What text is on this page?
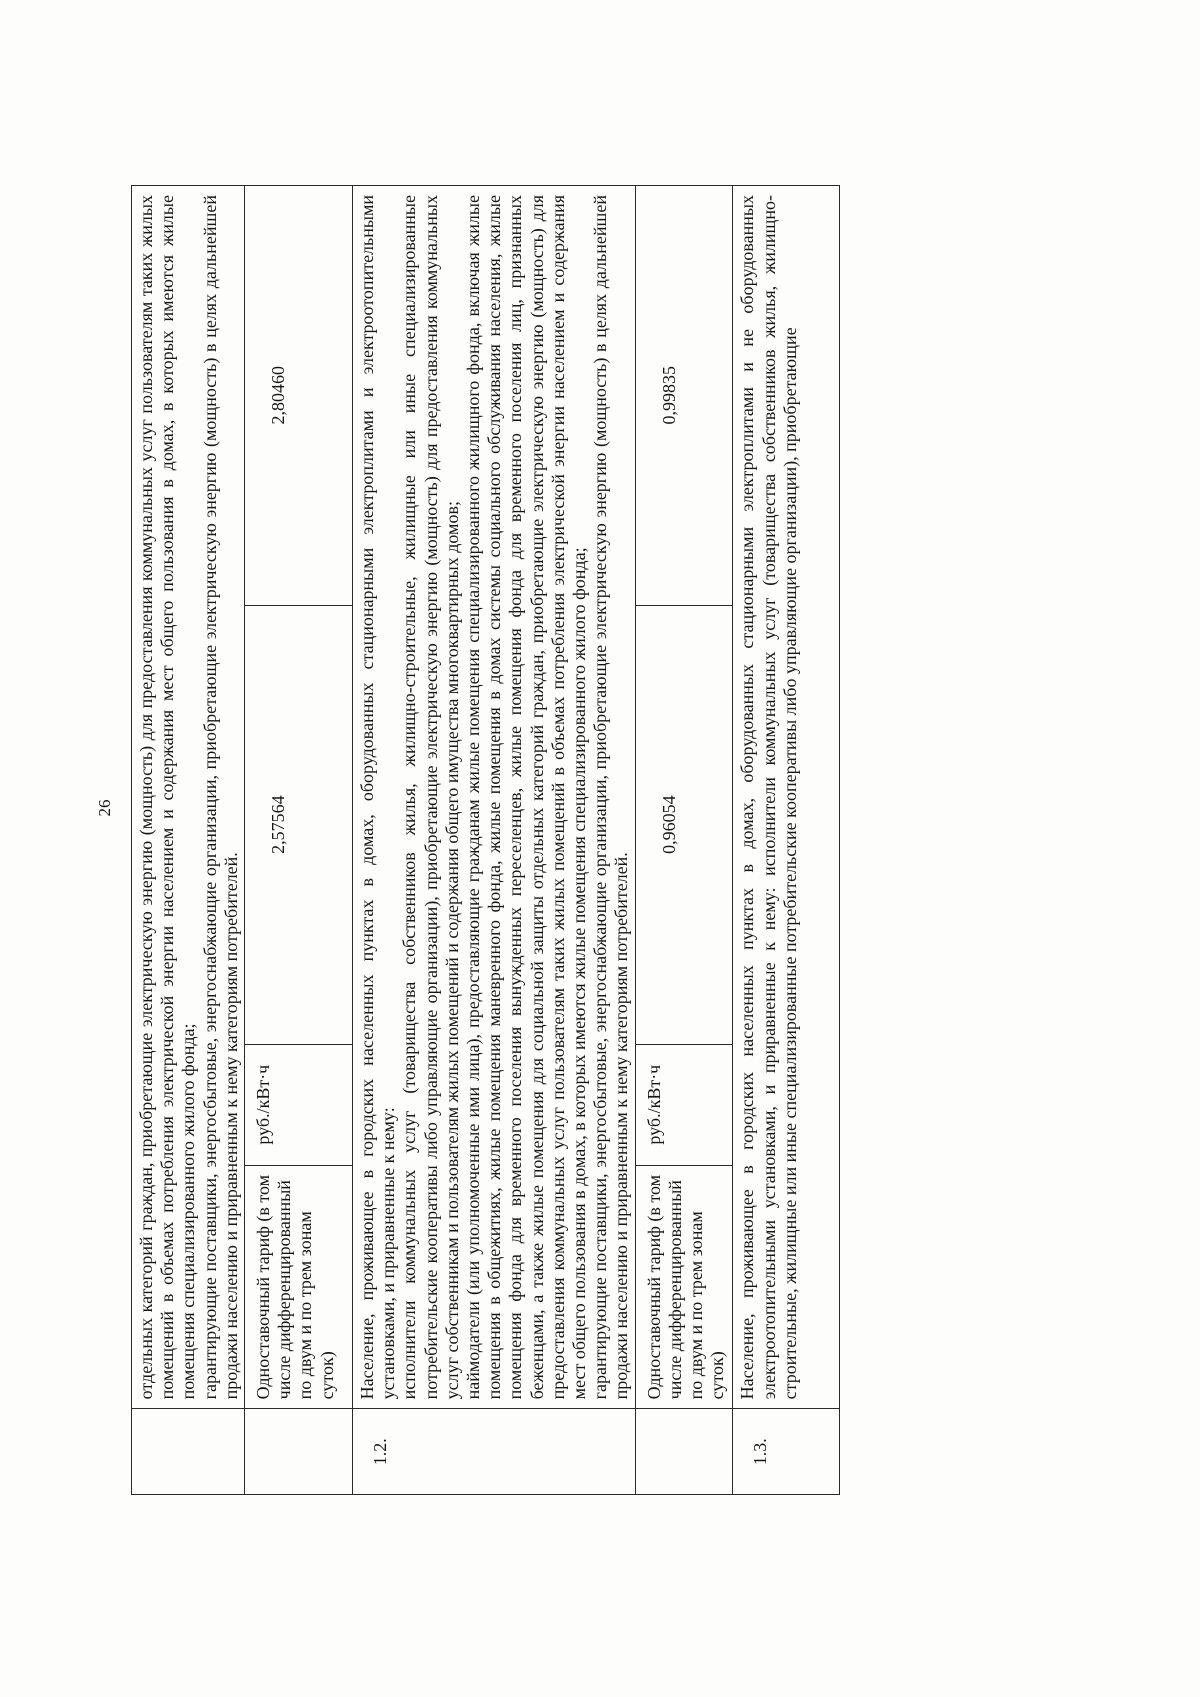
26

	отдельных категорий граждан, приобретающие электрическую энергию (мощность) для предоставления коммунальных услуг пользователям таких жилых помещений в объемах потребления электрической энергии населением и содержания мест общего пользования в домах, в которых имеются жилые помещения специализированного жилого фонда; гарантирующие поставщики, энергосбытовые, энергоснабжающие организации, приобретающие электрическую энергию (мощность) в целях дальнейшей продажи населению и приравненным к нему категориям потребителей.			

	Одноставочный тариф (в том числе дифференцированный по двум и по трем зонам суток)	руб./кВт·ч	2,57564	2,80460
1.2.	Население, проживающее в городских населенных пунктах в домах, оборудованных стационарными электроплитами и электроотопительными установками, и приравненные к нему: исполнители коммунальных услуг (товарищества собственников жилья, жилищно-строительные, жилищные или иные специализированные потребительские кооперативы либо управляющие организации), приобретающие электрическую энергию (мощность) для предоставления коммунальных услуг собственникам и пользователям жилых помещений и содержания общего имущества многоквартирных домов; наймодатели (или уполномоченные ими лица), предоставляющие гражданам жилые помещения специализированного жилищного фонда, включая жилые помещения в общежитиях, жилые помещения маневренного фонда, жилые помещения в домах системы социального обслуживания населения, жилые помещения фонда для временного поселения вынужденных переселенцев, жилые помещения фонда для временного поселения лиц, признанных беженцами, а также жилые помещения для социальной защиты отдельных категорий граждан, приобретающие электрическую энергию (мощность) для предоставления коммунальных услуг пользователям таких жилых помещений в объемах потребления электрической энергии населением и содержания мест общего пользования в домах, в которых имеются жилые помещения специализированного жилого фонда; гарантирующие поставщики, энергосбытовые, энергоснабжающие организации, приобретающие электрическую энергию (мощность) в целях дальнейшей продажи населению и приравненным к нему категориям потребителей.			

	Одноставочный тариф (в том числе дифференцированный по двум и по трем зонам суток)	руб./кВт·ч	0,96054	0,99835
1.3.	Население, проживающее в городских населенных пунктах в домах, оборудованных стационарными электроплитами и не оборудованных электроотопительными установками, и приравненные к нему: исполнители коммунальных услуг (товарищества собственников жилья, жилищно-строительные, жилищные или иные специализированные потребительские кооперативы либо управляющие организации), приобретающие			
